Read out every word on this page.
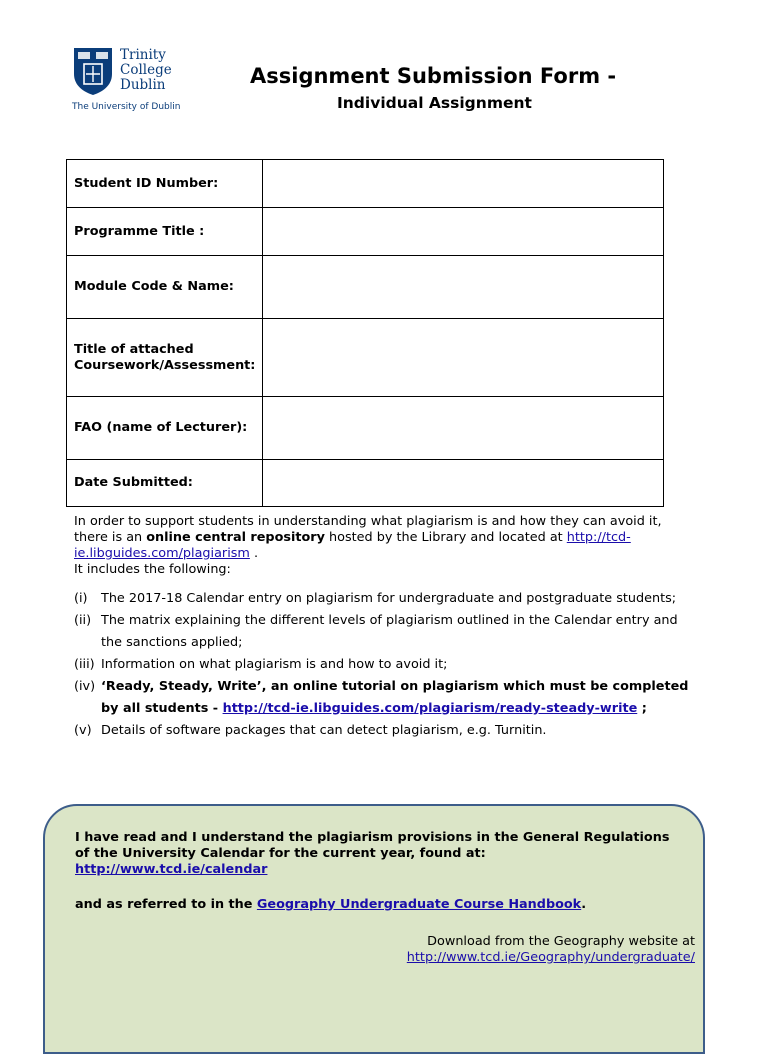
Trinity
College
Dublin
The University of Dublin
Assignment Submission Form -
Individual Assignment
Student ID Number:	
Programme Title :	
Module Code & Name:	
Title of attached Coursework/Assessment:	
FAO (name of Lecturer):	
Date Submitted:	
In order to support students in understanding what plagiarism is and how they can avoid it, there is an online central repository hosted by the Library and located at http://tcd-ie.libguides.com/plagiarism .
It includes the following:
(i) The 2017-18 Calendar entry on plagiarism for undergraduate and postgraduate students;
(ii) The matrix explaining the different levels of plagiarism outlined in the Calendar entry and the sanctions applied;
(iii) Information on what plagiarism is and how to avoid it;
(iv) ‘Ready, Steady, Write’, an online tutorial on plagiarism which must be completed by all students - http://tcd-ie.libguides.com/plagiarism/ready-steady-write ;
(v) Details of software packages that can detect plagiarism, e.g. Turnitin.
I have read and I understand the plagiarism provisions in the General Regulations of the University Calendar for the current year, found at:
http://www.tcd.ie/calendar
and as referred to in the Geography Undergraduate Course Handbook.
Download from the Geography website at
http://www.tcd.ie/Geography/undergraduate/
